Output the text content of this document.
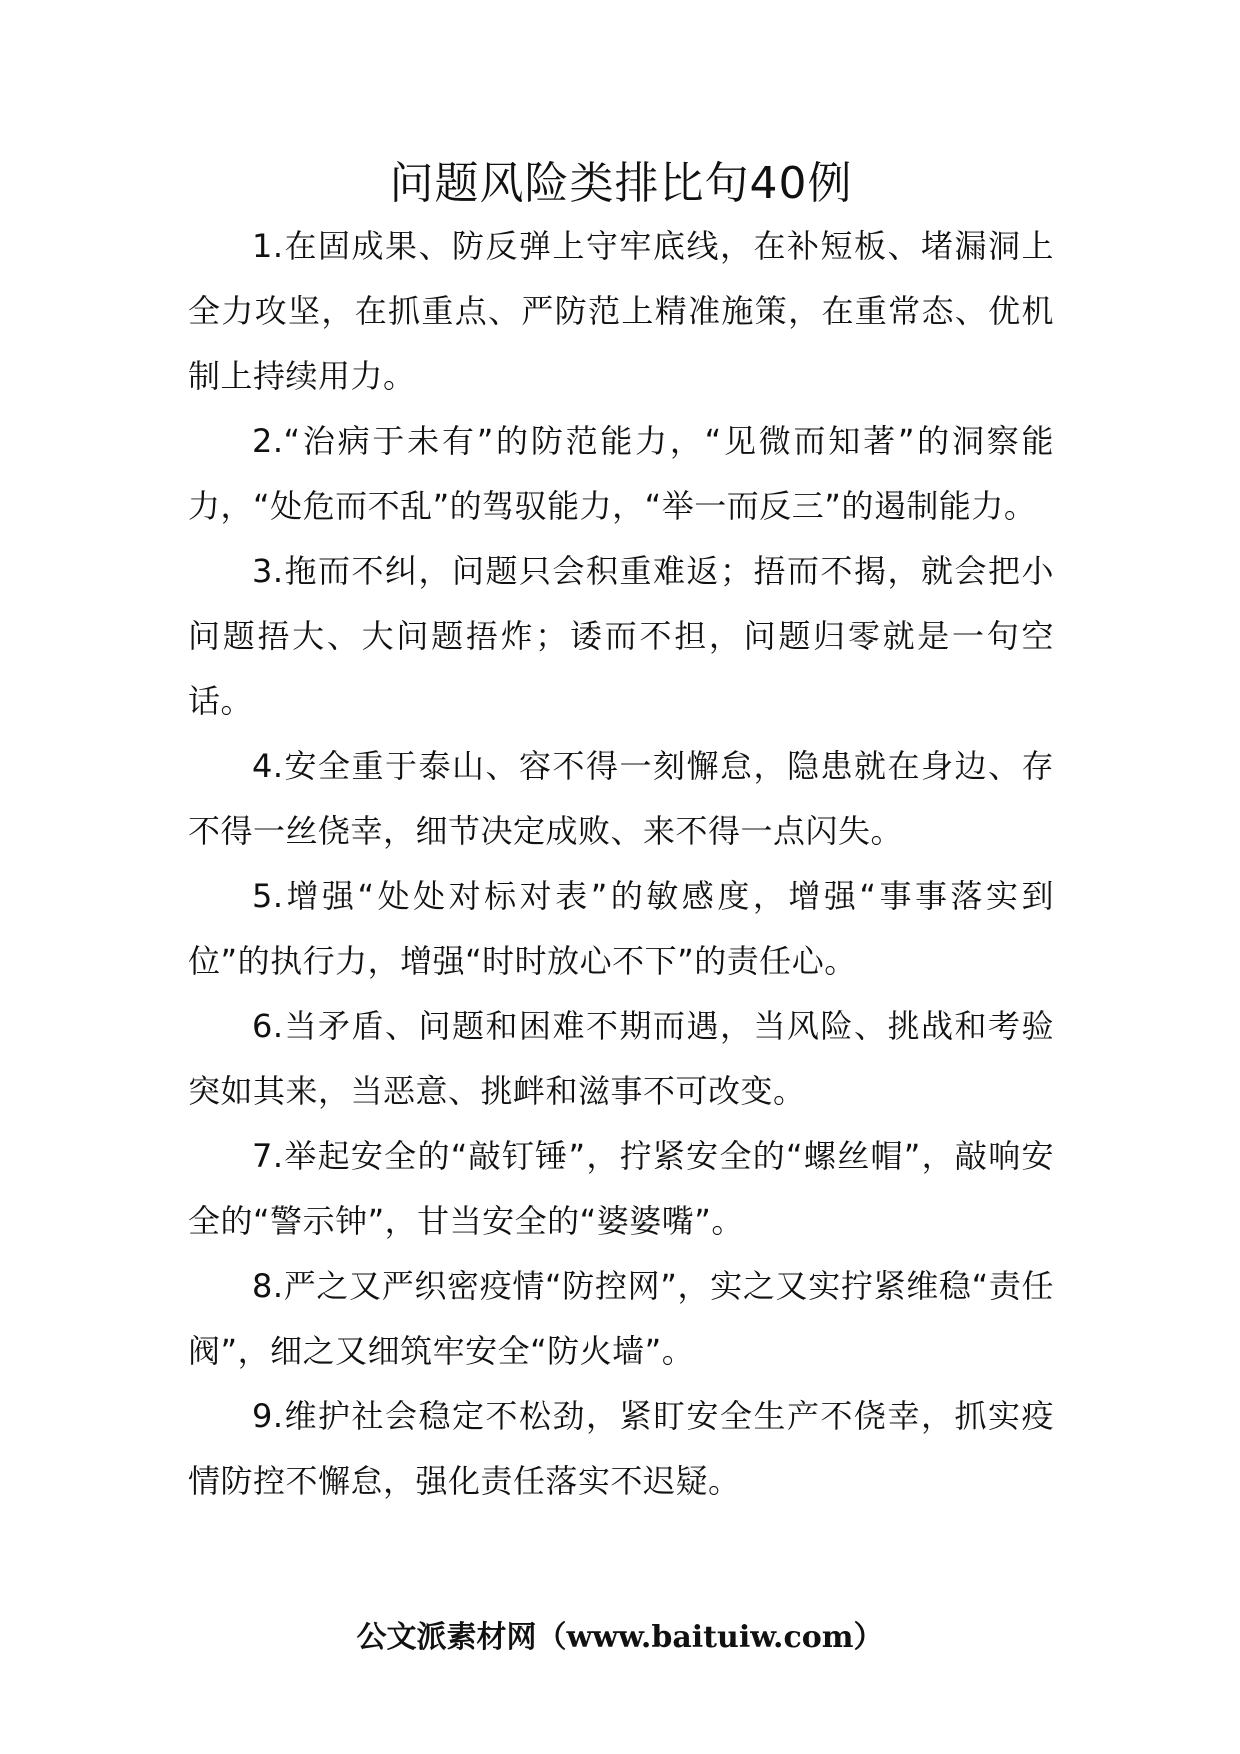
问题风险类排比句40例

1.在固成果、防反弹上守牢底线，在补短板、堵漏洞上全力攻坚，在抓重点、严防范上精准施策，在重常态、优机制上持续用力。

2.“治病于未有”的防范能力，“见微而知著”的洞察能力，“处危而不乱”的驾驭能力，“举一而反三”的遏制能力。

3.拖而不纠，问题只会积重难返；捂而不揭，就会把小问题捂大、大问题捂炸；诿而不担，问题归零就是一句空话。

4.安全重于泰山、容不得一刻懈怠，隐患就在身边、存不得一丝侥幸，细节决定成败、来不得一点闪失。

5.增强“处处对标对表”的敏感度，增强“事事落实到位”的执行力，增强“时时放心不下”的责任心。

6.当矛盾、问题和困难不期而遇，当风险、挑战和考验突如其来，当恶意、挑衅和滋事不可改变。

7.举起安全的“敲钉锤”，拧紧安全的“螺丝帽”，敲响安全的“警示钟”，甘当安全的“婆婆嘴”。

8.严之又严织密疫情“防控网”，实之又实拧紧维稳“责任阀”，细之又细筑牢安全“防火墙”。

9.维护社会稳定不松劲，紧盯安全生产不侥幸，抓实疫情防控不懈怠，强化责任落实不迟疑。

公文派素材网（www.baituiw.com）
